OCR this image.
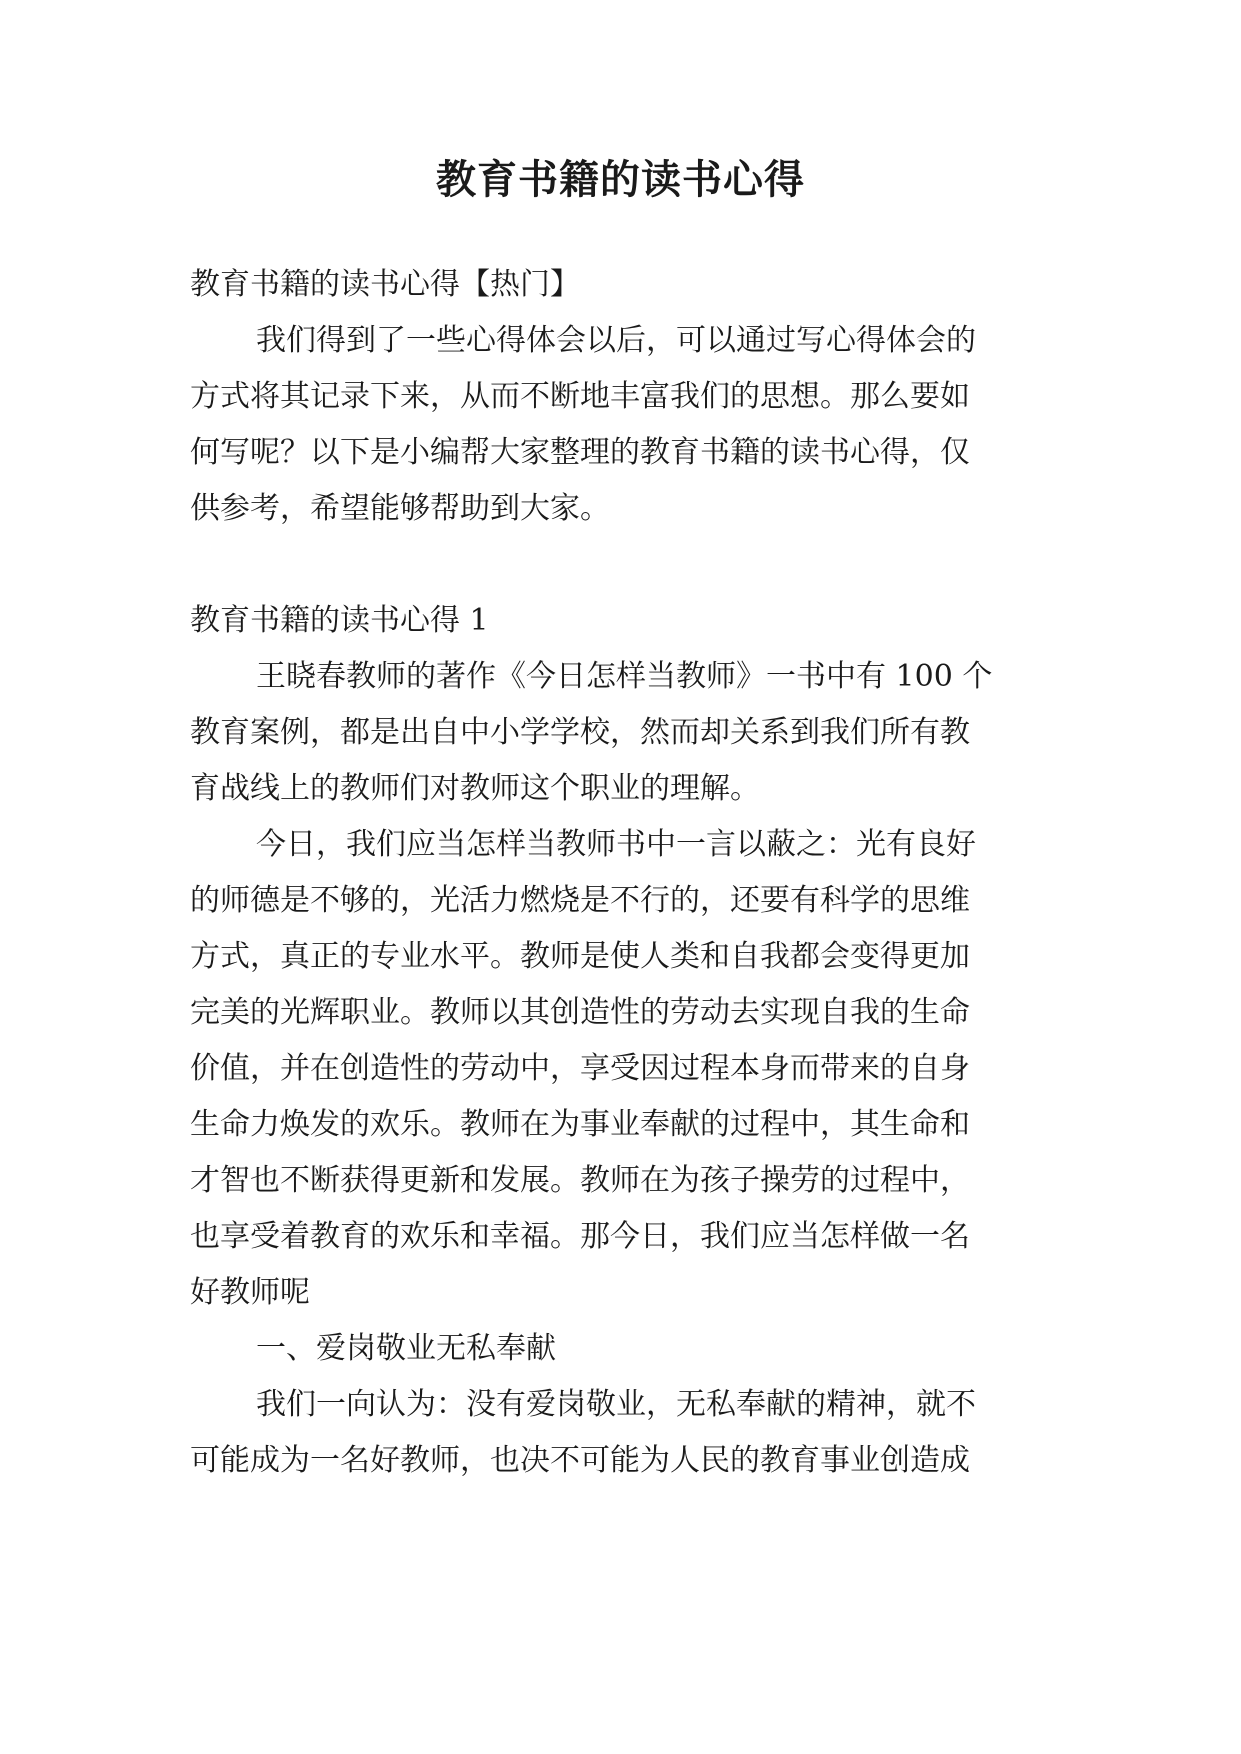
教育书籍的读书心得
教育书籍的读书心得【热门】
我们得到了一些心得体会以后，可以通过写心得体会的
方式将其记录下来，从而不断地丰富我们的思想。那么要如
何写呢？以下是小编帮大家整理的教育书籍的读书心得，仅
供参考，希望能够帮助到大家。
教育书籍的读书心得 1
王晓春教师的著作《今日怎样当教师》一书中有 100 个
教育案例，都是出自中小学学校，然而却关系到我们所有教
育战线上的教师们对教师这个职业的理解。
今日，我们应当怎样当教师书中一言以蔽之：光有良好
的师德是不够的，光活力燃烧是不行的，还要有科学的思维
方式，真正的专业水平。教师是使人类和自我都会变得更加
完美的光辉职业。教师以其创造性的劳动去实现自我的生命
价值，并在创造性的劳动中，享受因过程本身而带来的自身
生命力焕发的欢乐。教师在为事业奉献的过程中，其生命和
才智也不断获得更新和发展。教师在为孩子操劳的过程中，
也享受着教育的欢乐和幸福。那今日，我们应当怎样做一名
好教师呢
一、爱岗敬业无私奉献
我们一向认为：没有爱岗敬业，无私奉献的精神，就不
可能成为一名好教师，也决不可能为人民的教育事业创造成
